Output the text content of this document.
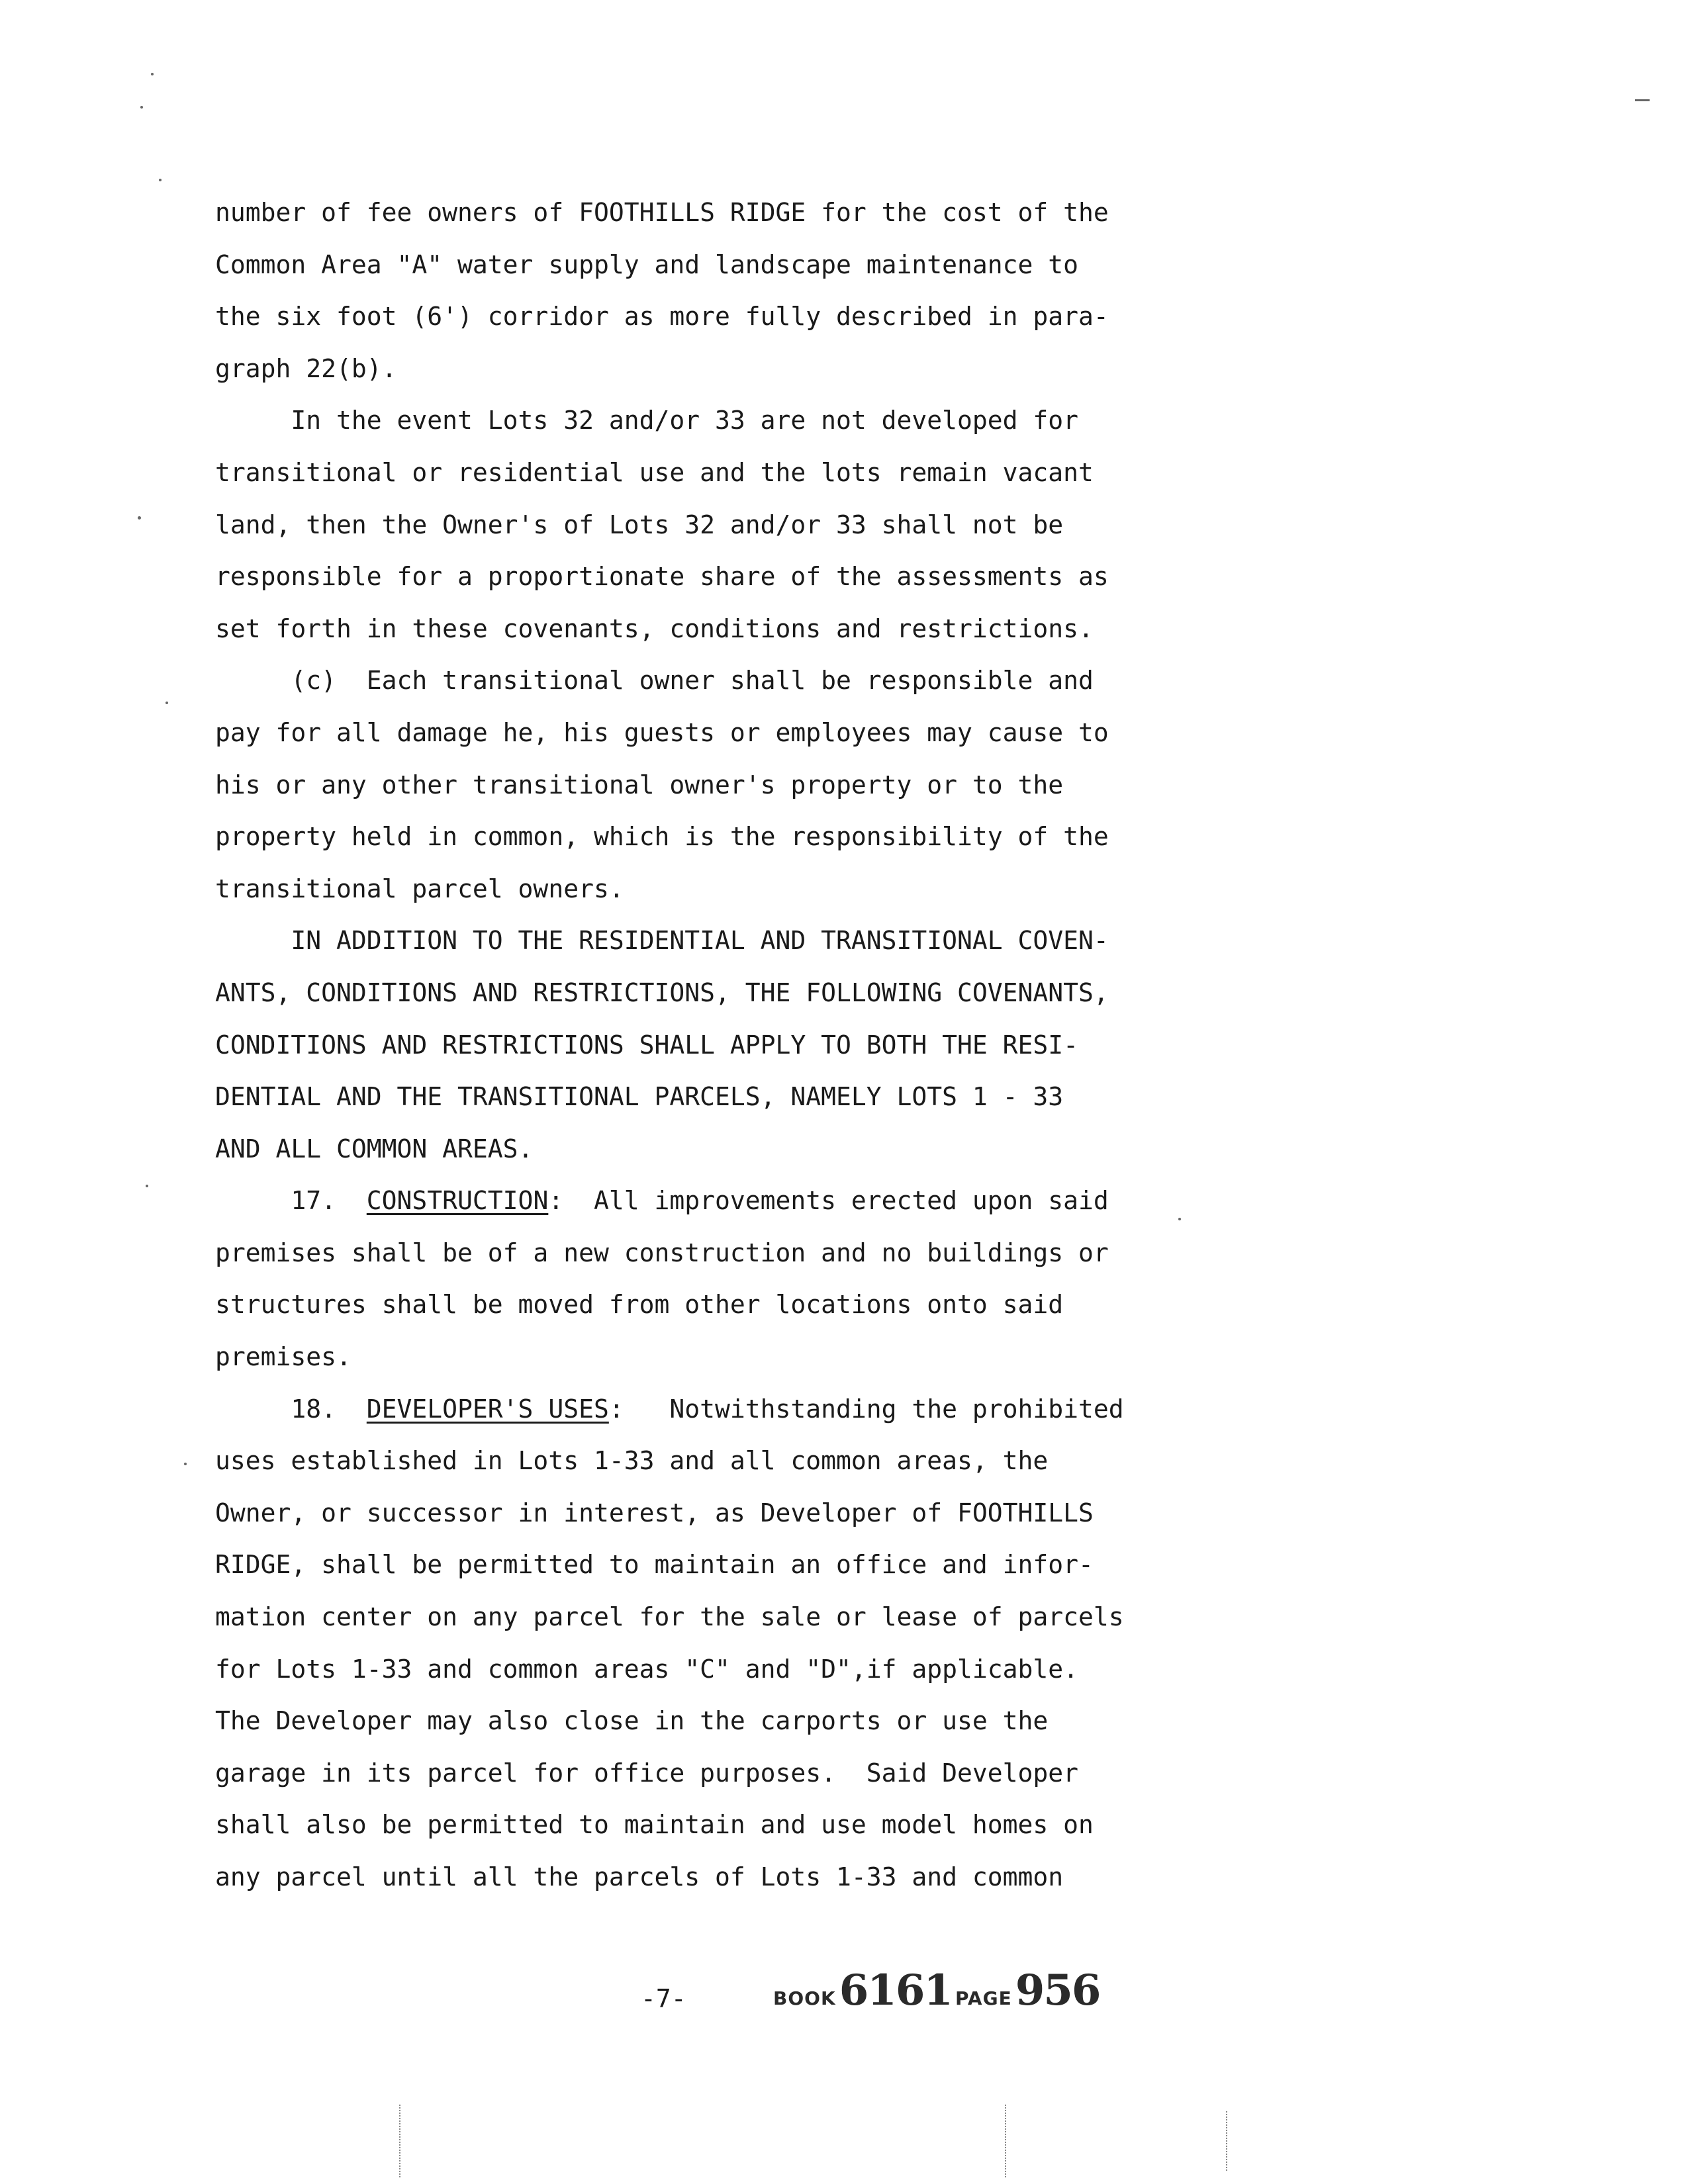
number of fee owners of FOOTHILLS RIDGE for the cost of the
Common Area "A" water supply and landscape maintenance to
the six foot (6') corridor as more fully described in para-
graph 22(b).
In the event Lots 32 and/or 33 are not developed for
transitional or residential use and the lots remain vacant
land, then the Owner's of Lots 32 and/or 33 shall not be
responsible for a proportionate share of the assessments as
set forth in these covenants, conditions and restrictions.
(c)  Each transitional owner shall be responsible and
pay for all damage he, his guests or employees may cause to
his or any other transitional owner's property or to the
property held in common, which is the responsibility of the
transitional parcel owners.
IN ADDITION TO THE RESIDENTIAL AND TRANSITIONAL COVEN-
ANTS, CONDITIONS AND RESTRICTIONS, THE FOLLOWING COVENANTS,
CONDITIONS AND RESTRICTIONS SHALL APPLY TO BOTH THE RESI-
DENTIAL AND THE TRANSITIONAL PARCELS, NAMELY LOTS 1 - 33
AND ALL COMMON AREAS.
17.  CONSTRUCTION:  All improvements erected upon said
premises shall be of a new construction and no buildings or
structures shall be moved from other locations onto said
premises.
18.  DEVELOPER'S USES:   Notwithstanding the prohibited
uses established in Lots 1-33 and all common areas, the
Owner, or successor in interest, as Developer of FOOTHILLS
RIDGE, shall be permitted to maintain an office and infor-
mation center on any parcel for the sale or lease of parcels
for Lots 1-33 and common areas "C" and "D",if applicable.
The Developer may also close in the carports or use the
garage in its parcel for office purposes.  Said Developer
shall also be permitted to maintain and use model homes on
any parcel until all the parcels of Lots 1-33 and common
-7-	BOOK 6161 PAGE 956
